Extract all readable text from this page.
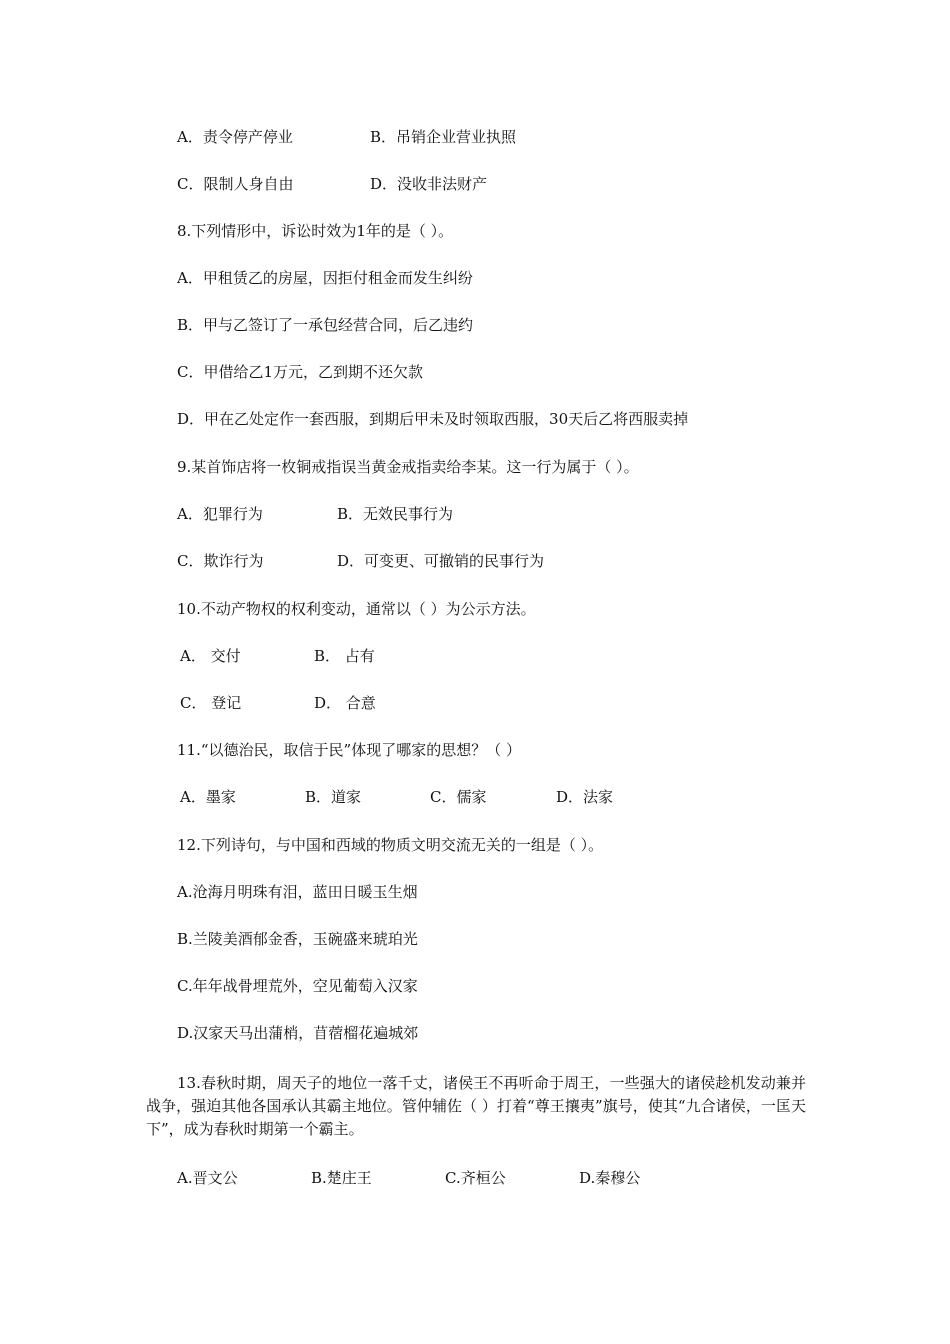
A．责令停产停业	B．吊销企业营业执照
C．限制人身自由	D．没收非法财产
8.下列情形中，诉讼时效为1年的是（ ）。
A．甲租赁乙的房屋，因拒付租金而发生纠纷
B．甲与乙签订了一承包经营合同，后乙违约
C．甲借给乙1万元，乙到期不还欠款
D．甲在乙处定作一套西服，到期后甲未及时领取西服，30天后乙将西服卖掉
9.某首饰店将一枚铜戒指误当黄金戒指卖给李某。这一行为属于（ ）。
A．犯罪行为	B．无效民事行为
C．欺诈行为	D．可变更、可撤销的民事行为
10.不动产物权的权利变动，通常以（ ）为公示方法。
A． 交付	B． 占有
C． 登记	D． 合意
11.“以德治民，取信于民”体现了哪家的思想？（ ）
A．墨家	B．道家	C．儒家	D．法家
12.下列诗句，与中国和西域的物质文明交流无关的一组是（ ）。
A.沧海月明珠有泪，蓝田日暖玉生烟
B.兰陵美酒郁金香，玉碗盛来琥珀光
C.年年战骨埋荒外，空见葡萄入汉家
D.汉家天马出蒲梢，苜蓿榴花遍城郊
13.春秋时期，周天子的地位一落千丈，诸侯王不再听命于周王，一些强大的诸侯趁机发动兼并战争，强迫其他各国承认其霸主地位。管仲辅佐（ ）打着“尊王攘夷”旗号，使其“九合诸侯，一匡天下”，成为春秋时期第一个霸主。
A.晋文公	B.楚庄王	C.齐桓公	D.秦穆公
